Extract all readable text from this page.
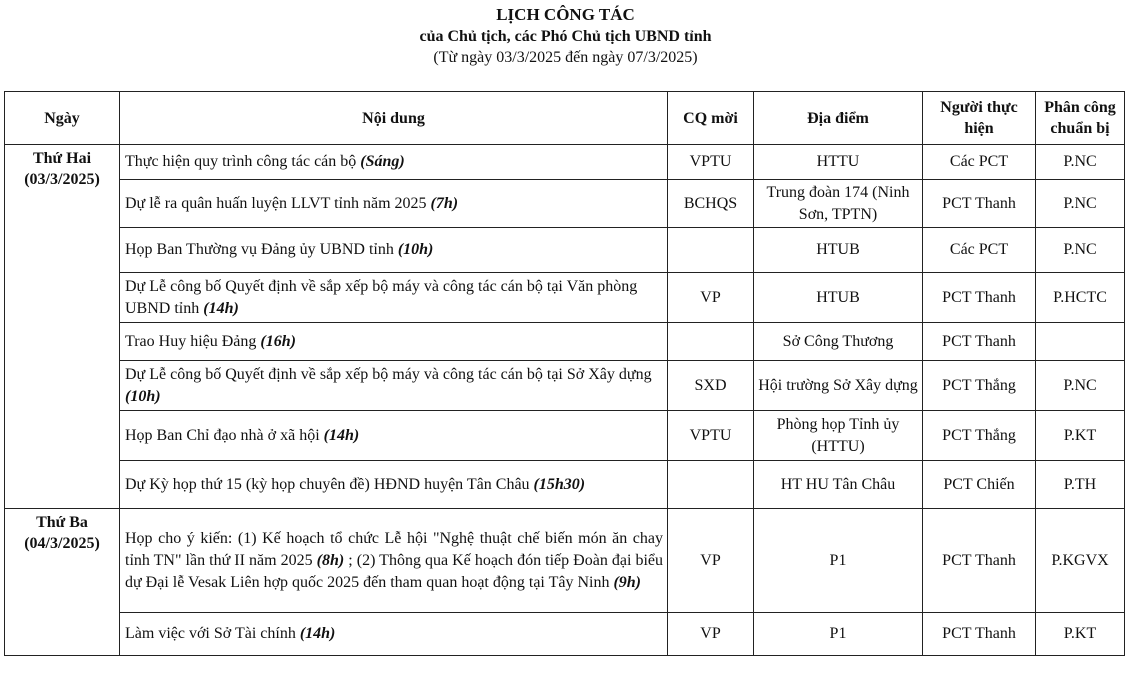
LỊCH CÔNG TÁC
của Chủ tịch, các Phó Chủ tịch UBND tỉnh
(Từ ngày 03/3/2025 đến ngày 07/3/2025)
Ngày	Nội dung	CQ mời	Địa điểm	Người thực hiện	Phân công chuẩn bị

Thứ Hai
(03/3/2025)	Thực hiện quy trình công tác cán bộ (Sáng)	VPTU	HTTU	Các PCT	P.NC
	Dự lễ ra quân huấn luyện LLVT tỉnh năm 2025 (7h)	BCHQS	Trung đoàn 174 (Ninh Sơn, TPTN)	PCT Thanh	P.NC
	Họp Ban Thường vụ Đảng ủy UBND tỉnh (10h)		HTUB	Các PCT	P.NC
	Dự Lễ công bố Quyết định về sắp xếp bộ máy và công tác cán bộ tại Văn phòng UBND tỉnh (14h)	VP	HTUB	PCT Thanh	P.HCTC
	Trao Huy hiệu Đảng (16h)		Sở Công Thương	PCT Thanh	
	Dự Lễ công bố Quyết định về sắp xếp bộ máy và công tác cán bộ tại Sở Xây dựng (10h)	SXD	Hội trường Sở Xây dựng	PCT Thắng	P.NC
	Họp Ban Chỉ đạo nhà ở xã hội (14h)	VPTU	Phòng họp Tỉnh ủy (HTTU)	PCT Thắng	P.KT
	Dự Kỳ họp thứ 15 (kỳ họp chuyên đề) HĐND huyện Tân Châu (15h30)		HT HU Tân Châu	PCT Chiến	P.TH

Thứ Ba
(04/3/2025)	Họp cho ý kiến: (1) Kế hoạch tổ chức Lễ hội "Nghệ thuật chế biến món ăn chay tỉnh TN" lần thứ II năm 2025 (8h) ; (2) Thông qua Kế hoạch đón tiếp Đoàn đại biểu dự Đại lễ Vesak Liên hợp quốc 2025 đến tham quan hoạt động tại Tây Ninh (9h)	VP	P1	PCT Thanh	P.KGVX
	Làm việc với Sở Tài chính (14h)	VP	P1	PCT Thanh	P.KT
